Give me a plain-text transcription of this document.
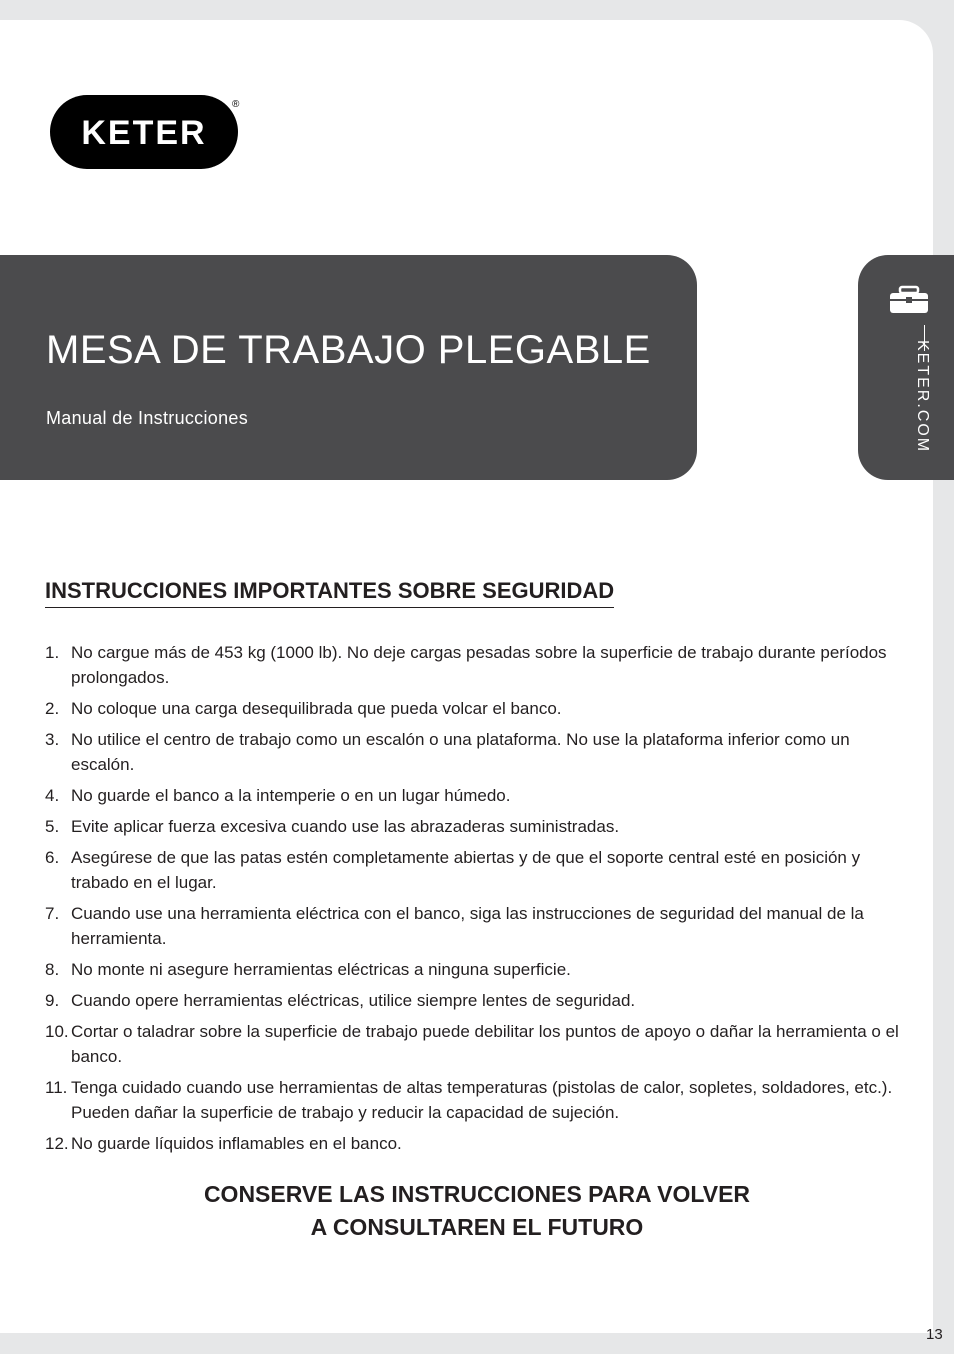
KETER
®
MESA DE TRABAJO PLEGABLE
Manual de Instrucciones	KETER.COM
INSTRUCCIONES IMPORTANTES SOBRE SEGURIDAD
1. No cargue más de 453 kg (1000 lb). No deje cargas pesadas sobre la superficie de trabajo durante períodos prolongados.
2. No coloque una carga desequilibrada que pueda volcar el banco.
3. No utilice el centro de trabajo como un escalón o una plataforma. No use la plataforma inferior como un escalón.
4. No guarde el banco a la intemperie o en un lugar húmedo.
5. Evite aplicar fuerza excesiva cuando use las abrazaderas suministradas.
6. Asegúrese de que las patas estén completamente abiertas y de que el soporte central esté en posición y trabado en el lugar.
7. Cuando use una herramienta eléctrica con el banco, siga las instrucciones de seguridad del manual de la herramienta.
8. No monte ni asegure herramientas eléctricas a ninguna superficie.
9. Cuando opere herramientas eléctricas, utilice siempre lentes de seguridad.
10. Cortar o taladrar sobre la superficie de trabajo puede debilitar los puntos de apoyo o dañar la herramienta o el banco.
11. Tenga cuidado cuando use herramientas de altas temperaturas (pistolas de calor, sopletes, soldadores, etc.). Pueden dañar la superficie de trabajo y reducir la capacidad de sujeción.
12. No guarde líquidos inflamables en el banco.
CONSERVE LAS INSTRUCCIONES PARA VOLVER
A CONSULTAREN EL FUTURO
13
